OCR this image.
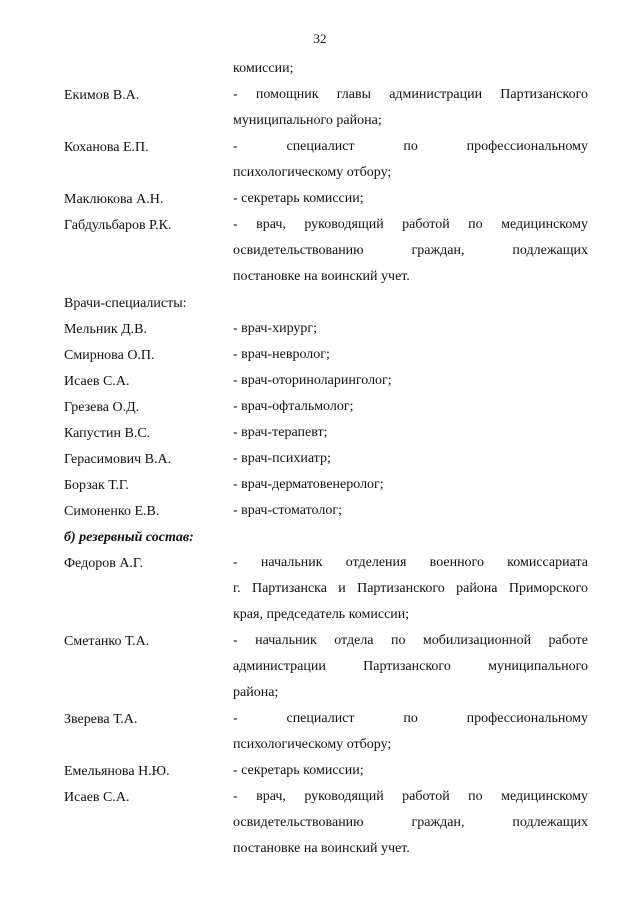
32
комиссии;
Екимов В.А.	- помощник главы администрации Партизанского
муниципального района;
Коханова Е.П.	- специалист по профессиональному
психологическому отбору;
Маклюкова А.Н.	- секретарь комиссии;
Габдульбаров Р.К.	- врач, руководящий работой по медицинскому
освидетельствованию граждан, подлежащих
постановке на воинский учет.
Врачи-специалисты:
Мельник Д.В.	- врач-хирург;
Смирнова О.П.	- врач-невролог;
Исаев С.А.	- врач-оториноларинголог;
Грезева О.Д.	- врач-офтальмолог;
Капустин В.С.	- врач-терапевт;
Герасимович В.А.	- врач-психиатр;
Борзак Т.Г.	- врач-дерматовенеролог;
Симоненко Е.В.	- врач-стоматолог;
б) резервный состав:
Федоров А.Г.	- начальник отделения военного комиссариата
г. Партизанска и Партизанского района Приморского
края, председатель комиссии;
Сметанко Т.А.	- начальник отдела по мобилизационной работе
администрации Партизанского муниципального
района;
Зверева Т.А.	- специалист по профессиональному
психологическому отбору;
Емельянова Н.Ю.	- секретарь комиссии;
Исаев С.А.	- врач, руководящий работой по медицинскому
освидетельствованию граждан, подлежащих
постановке на воинский учет.
